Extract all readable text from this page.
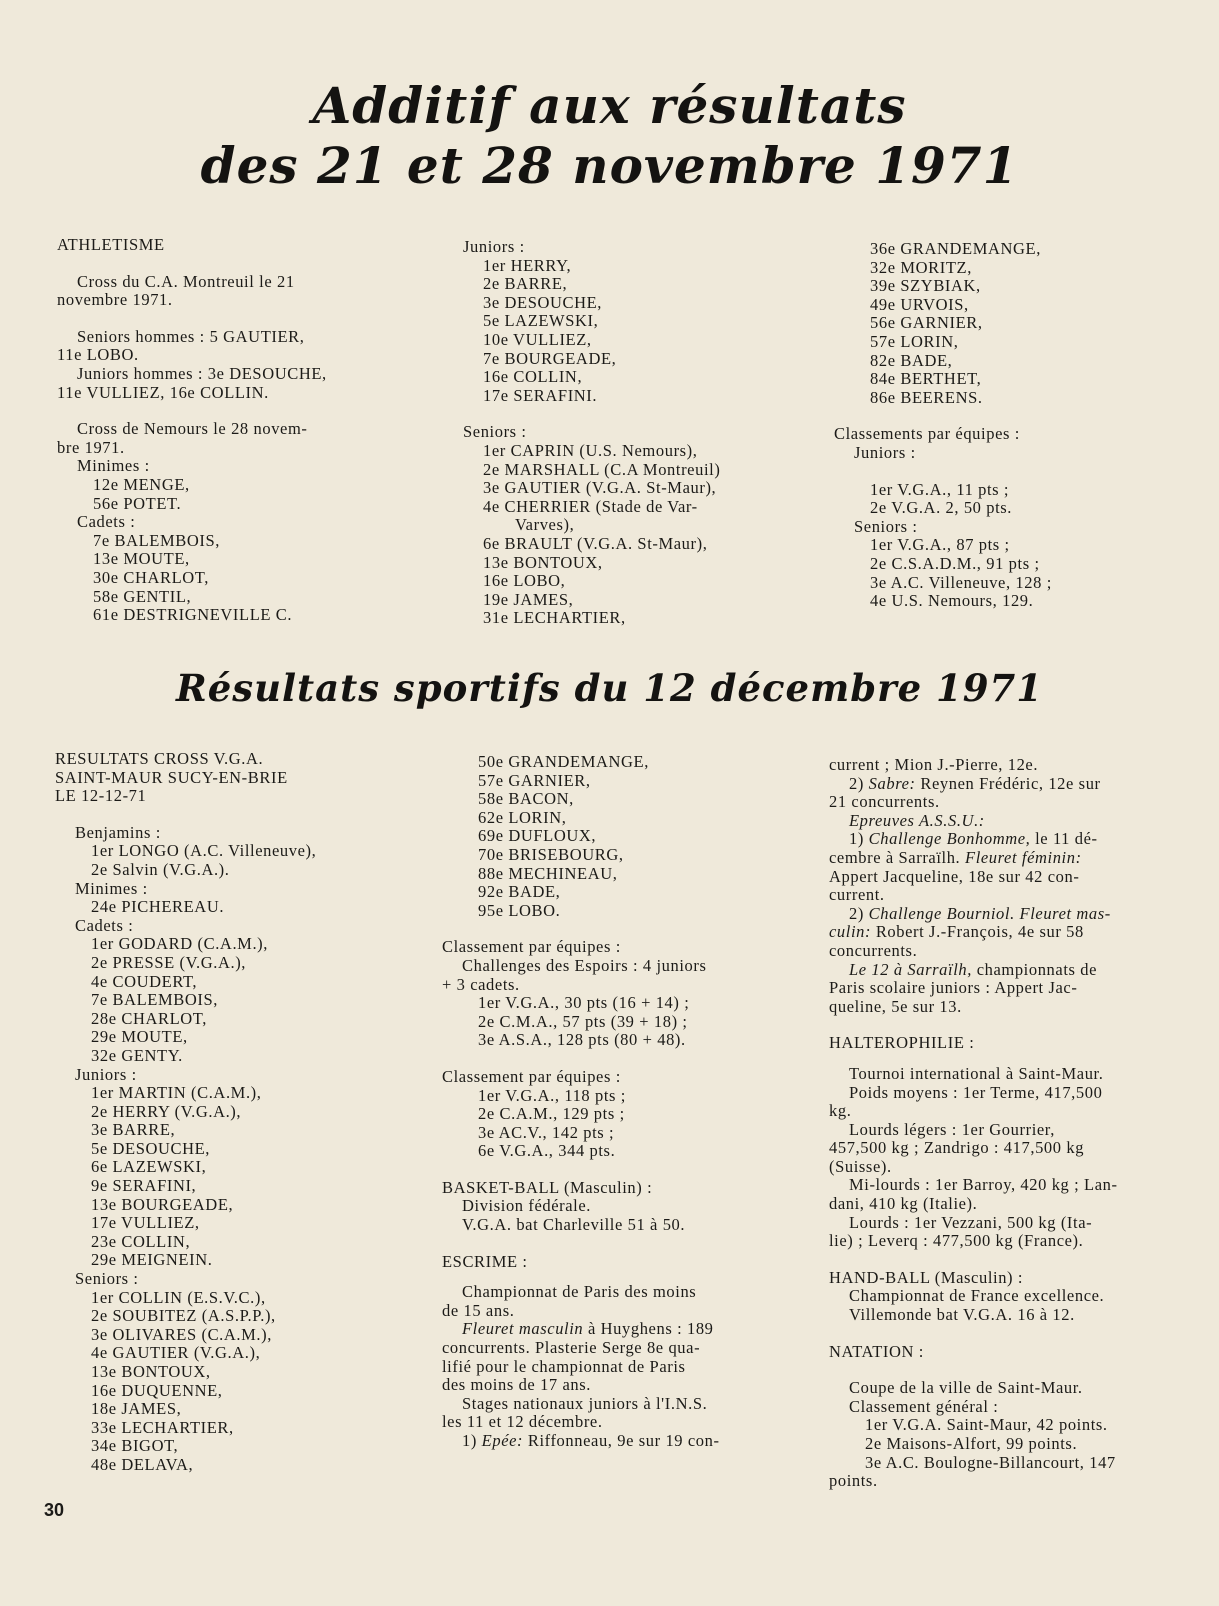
Additif aux résultats
des 21 et 28 novembre 1971

ATHLETISME

Cross du C.A. Montreuil le 21

novembre 1971.

Seniors hommes : 5 GAUTIER,

11e LOBO.

Juniors hommes : 3e DESOUCHE,

11e VULLIEZ, 16e COLLIN.

Cross de Nemours le 28 novem-

bre 1971.

Minimes :

12e MENGE,

56e POTET.

Cadets :

7e BALEMBOIS,

13e MOUTE,

30e CHARLOT,

58e GENTIL,

61e DESTRIGNEVILLE C.

Juniors :

1er HERRY,

2e BARRE,

3e DESOUCHE,

5e LAZEWSKI,

10e VULLIEZ,

7e BOURGEADE,

16e COLLIN,

17e SERAFINI.

Seniors :

1er CAPRIN (U.S. Nemours),

2e MARSHALL (C.A Montreuil)

3e GAUTIER (V.G.A. St-Maur),

4e CHERRIER (Stade de Var-

Varves),

6e BRAULT (V.G.A. St-Maur),

13e BONTOUX,

16e LOBO,

19e JAMES,

31e LECHARTIER,

36e GRANDEMANGE,

32e MORITZ,

39e SZYBIAK,

49e URVOIS,

56e GARNIER,

57e LORIN,

82e BADE,

84e BERTHET,

86e BEERENS.

Classements par équipes :

Juniors :

1er V.G.A., 11 pts ;

2e V.G.A. 2, 50 pts.

Seniors :

1er V.G.A., 87 pts ;

2e C.S.A.D.M., 91 pts ;

3e A.C. Villeneuve, 128 ;

4e U.S. Nemours, 129.

Résultats sportifs du 12 décembre 1971

RESULTATS CROSS V.G.A.

SAINT-MAUR SUCY-EN-BRIE

LE 12-12-71

Benjamins :

1er LONGO (A.C. Villeneuve),

2e Salvin (V.G.A.).

Minimes :

24e PICHEREAU.

Cadets :

1er GODARD (C.A.M.),

2e PRESSE (V.G.A.),

4e COUDERT,

7e BALEMBOIS,

28e CHARLOT,

29e MOUTE,

32e GENTY.

Juniors :

1er MARTIN (C.A.M.),

2e HERRY (V.G.A.),

3e BARRE,

5e DESOUCHE,

6e LAZEWSKI,

9e SERAFINI,

13e BOURGEADE,

17e VULLIEZ,

23e COLLIN,

29e MEIGNEIN.

Seniors :

1er COLLIN (E.S.V.C.),

2e SOUBITEZ (A.S.P.P.),

3e OLIVARES (C.A.M.),

4e GAUTIER (V.G.A.),

13e BONTOUX,

16e DUQUENNE,

18e JAMES,

33e LECHARTIER,

34e BIGOT,

48e DELAVA,

50e GRANDEMANGE,

57e GARNIER,

58e BACON,

62e LORIN,

69e DUFLOUX,

70e BRISEBOURG,

88e MECHINEAU,

92e BADE,

95e LOBO.

Classement par équipes :

Challenges des Espoirs : 4 juniors

+ 3 cadets.

1er V.G.A., 30 pts (16 + 14) ;

2e C.M.A., 57 pts (39 + 18) ;

3e A.S.A., 128 pts (80 + 48).

Classement par équipes :

1er V.G.A., 118 pts ;

2e C.A.M., 129 pts ;

3e AC.V., 142 pts ;

6e V.G.A., 344 pts.

BASKET-BALL (Masculin) :

Division fédérale.

V.G.A. bat Charleville 51 à 50.

ESCRIME :

Championnat de Paris des moins

de 15 ans.

Fleuret masculin à Huyghens : 189

concurrents. Plasterie Serge 8e qua-

lifié pour le championnat de Paris

des moins de 17 ans.

Stages nationaux juniors à l'I.N.S.

les 11 et 12 décembre.

1) Epée: Riffonneau, 9e sur 19 con-

current ; Mion J.-Pierre, 12e.

2) Sabre: Reynen Frédéric, 12e sur

21 concurrents.

Epreuves A.S.S.U.:

1) Challenge Bonhomme, le 11 dé-

cembre à Sarraïlh. Fleuret féminin:

Appert Jacqueline, 18e sur 42 con-

current.

2) Challenge Bourniol. Fleuret mas-

culin: Robert J.-François, 4e sur 58

concurrents.

Le 12 à Sarraïlh, championnats de

Paris scolaire juniors : Appert Jac-

queline, 5e sur 13.

HALTEROPHILIE :

Tournoi international à Saint-Maur.

Poids moyens : 1er Terme, 417,500

kg.

Lourds légers : 1er Gourrier,

457,500 kg ; Zandrigo : 417,500 kg

(Suisse).

Mi-lourds : 1er Barroy, 420 kg ; Lan-

dani, 410 kg (Italie).

Lourds : 1er Vezzani, 500 kg (Ita-

lie) ; Leverq : 477,500 kg (France).

HAND-BALL (Masculin) :

Championnat de France excellence.

Villemonde bat V.G.A. 16 à 12.

NATATION :

Coupe de la ville de Saint-Maur.

Classement général :

1er V.G.A. Saint-Maur, 42 points.

2e Maisons-Alfort, 99 points.

3e A.C. Boulogne-Billancourt, 147

points.

30
